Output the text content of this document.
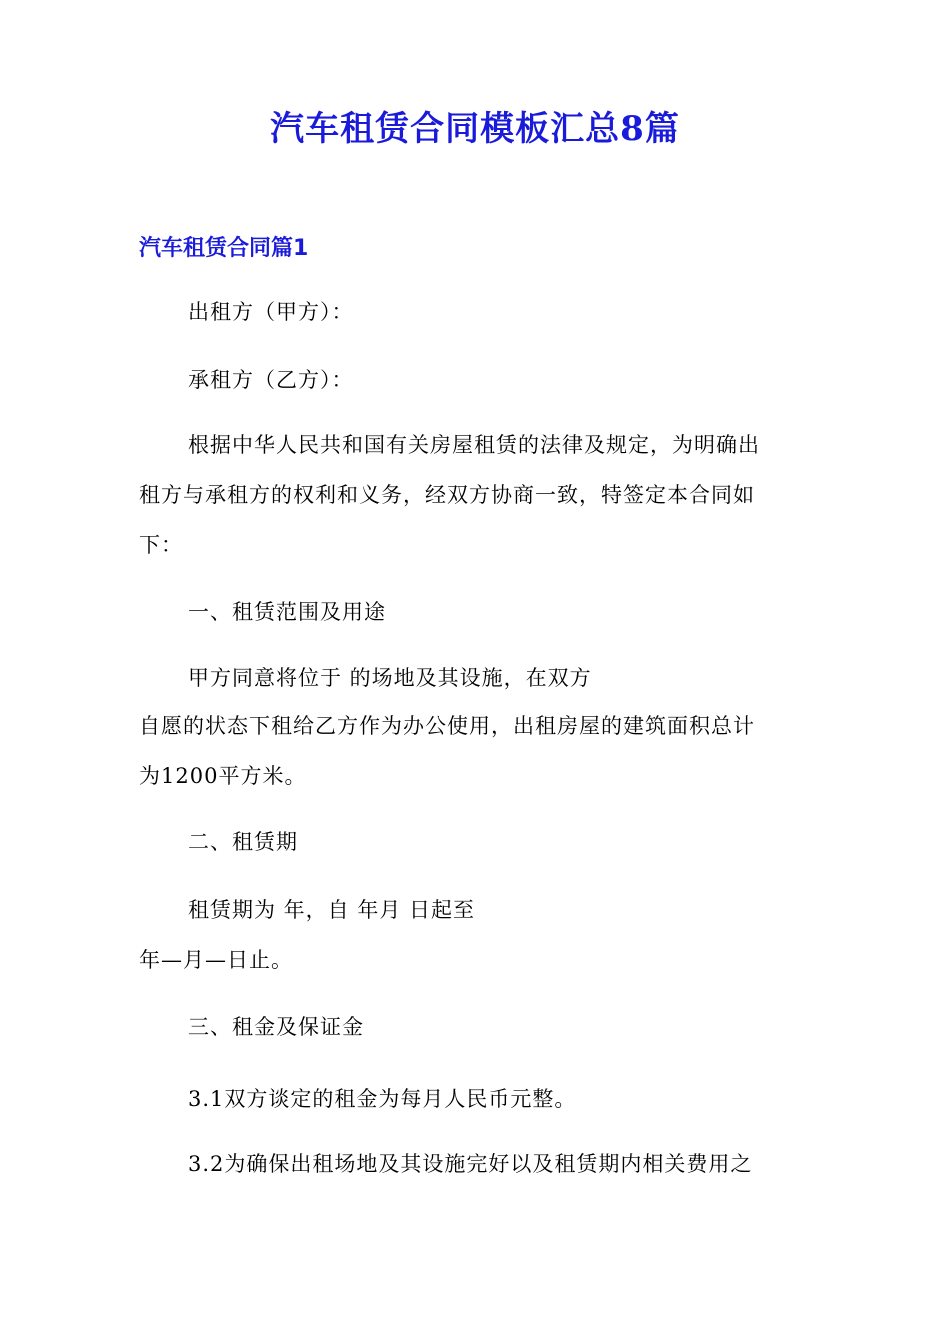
汽车租赁合同模板汇总8篇
汽车租赁合同篇1
出租方（甲方）：
承租方（乙方）：
根据中华人民共和国有关房屋租赁的法律及规定，为明确出
租方与承租方的权利和义务，经双方协商一致，特签定本合同如
下：
一、租赁范围及用途
甲方同意将位于 的场地及其设施，在双方
自愿的状态下租给乙方作为办公使用，出租房屋的建筑面积总计
为1200平方米。
二、租赁期
租赁期为 年，自 年月 日起至
年—月—日止。
三、租金及保证金
3.1双方谈定的租金为每月人民币元整。
3.2为确保出租场地及其设施完好以及租赁期内相关费用之
